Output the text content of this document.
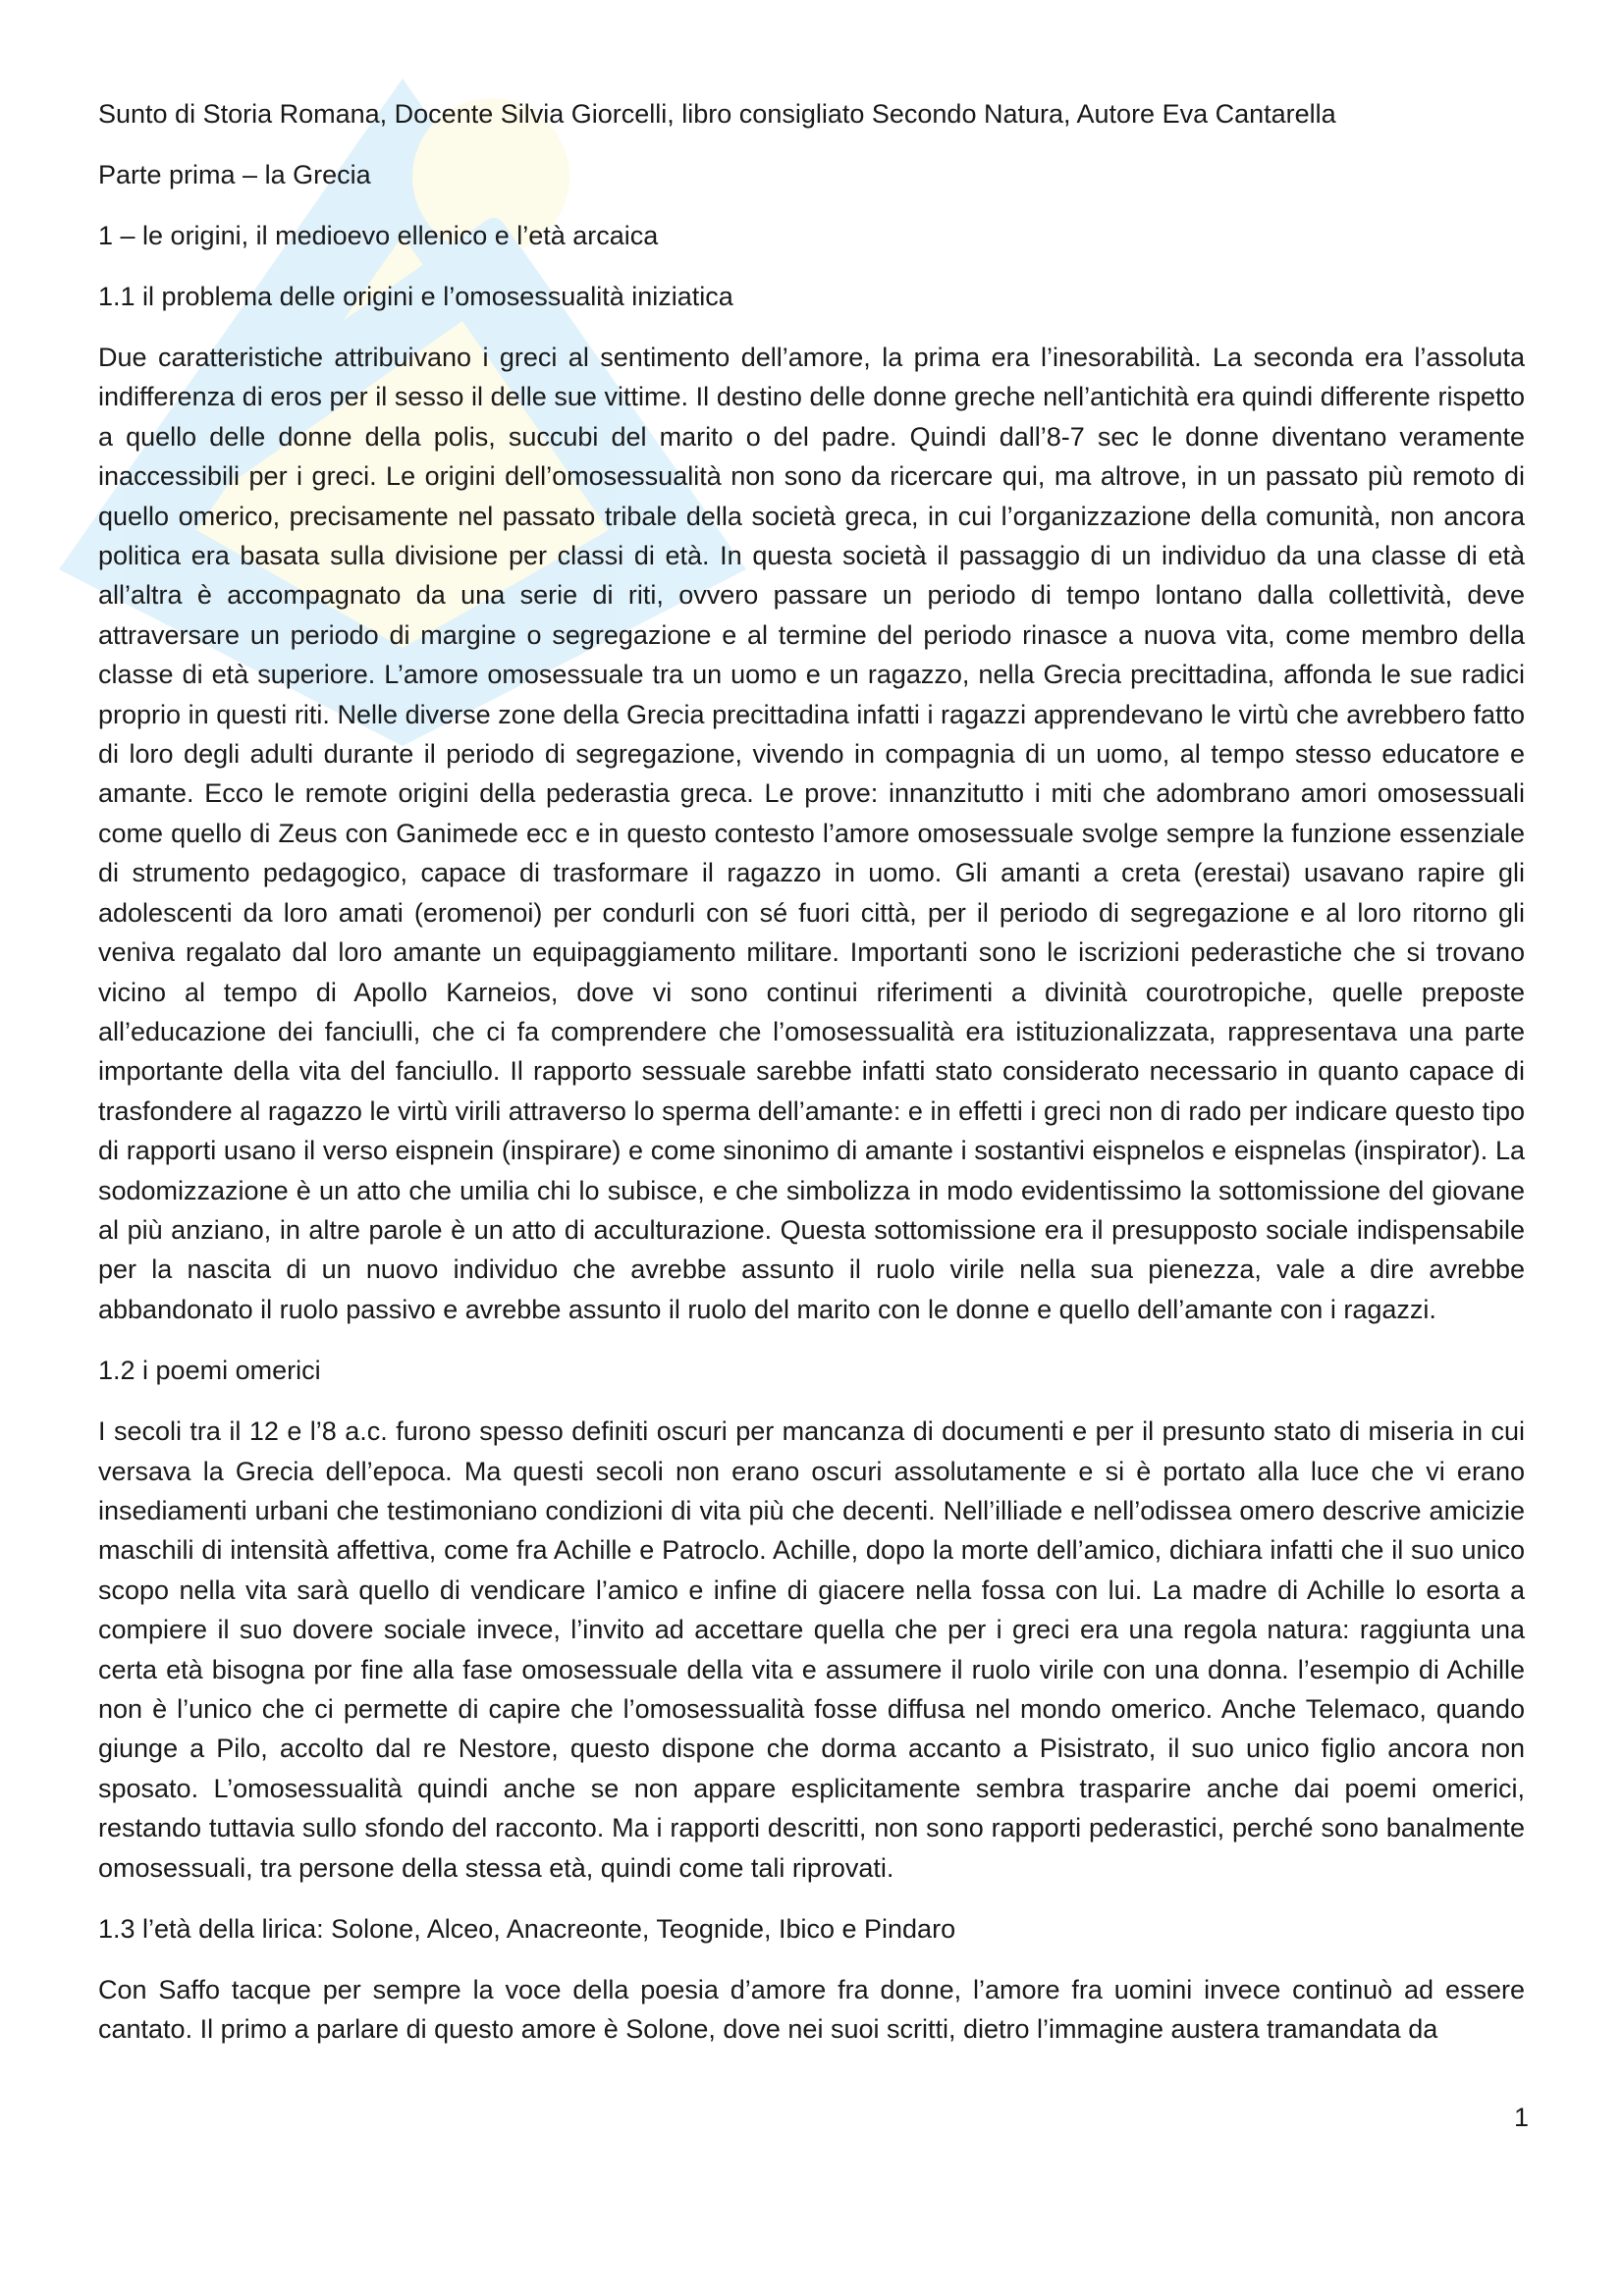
Sunto di Storia Romana, Docente Silvia Giorcelli, libro consigliato Secondo Natura, Autore Eva Cantarella
Parte prima – la Grecia
1 – le origini, il medioevo ellenico e l’età arcaica
1.1 il problema delle origini e l’omosessualità iniziatica

Due caratteristiche attribuivano i greci al sentimento dell’amore, la prima era l’inesorabilità. La seconda era l’assoluta indifferenza di eros per il sesso il delle sue vittime. Il destino delle donne greche nell’antichità era quindi differente rispetto a quello delle donne della polis, succubi del marito o del padre. Quindi dall’8-7 sec le donne diventano veramente inaccessibili per i greci. Le origini dell’omosessualità non sono da ricercare qui, ma altrove, in un passato più remoto di quello omerico, precisamente nel passato tribale della società greca, in cui l’organizzazione della comunità, non ancora politica era basata sulla divisione per classi di età. In questa società il passaggio di un individuo da una classe di età all’altra è accompagnato da una serie di riti, ovvero passare un periodo di tempo lontano dalla collettività, deve attraversare un periodo di margine o segregazione e al termine del periodo rinasce a nuova vita, come membro della classe di età superiore. L’amore omosessuale tra un uomo e un ragazzo, nella Grecia precittadina, affonda le sue radici proprio in questi riti. Nelle diverse zone della Grecia precittadina infatti i ragazzi apprendevano le virtù che avrebbero fatto di loro degli adulti durante il periodo di segregazione, vivendo in compagnia di un uomo, al tempo stesso educatore e amante. Ecco le remote origini della pederastia greca. Le prove: innanzitutto i miti che adombrano amori omosessuali come quello di Zeus con Ganimede ecc e in questo contesto l’amore omosessuale svolge sempre la funzione essenziale di strumento pedagogico, capace di trasformare il ragazzo in uomo. Gli amanti a creta (erestai) usavano rapire gli adolescenti da loro amati (eromenoi) per condurli con sé fuori città, per il periodo di segregazione e al loro ritorno gli veniva regalato dal loro amante un equipaggiamento militare. Importanti sono le iscrizioni pederastiche che si trovano vicino al tempo di Apollo Karneios, dove vi sono continui riferimenti a divinità courotropiche, quelle preposte all’educazione dei fanciulli, che ci fa comprendere che l’omosessualità era istituzionalizzata, rappresentava una parte importante della vita del fanciullo. Il rapporto sessuale sarebbe infatti stato considerato necessario in quanto capace di trasfondere al ragazzo le virtù virili attraverso lo sperma dell’amante: e in effetti i greci non di rado per indicare questo tipo di rapporti usano il verso eispnein (inspirare) e come sinonimo di amante i sostantivi eispnelos e eispnelas (inspirator). La sodomizzazione è un atto che umilia chi lo subisce, e che simbolizza in modo evidentissimo la sottomissione del giovane al più anziano, in altre parole è un atto di acculturazione. Questa sottomissione era il presupposto sociale indispensabile per la nascita di un nuovo individuo che avrebbe assunto il ruolo virile nella sua pienezza, vale a dire avrebbe abbandonato il ruolo passivo e avrebbe assunto il ruolo del marito con le donne e quello dell’amante con i ragazzi.

1.2 i poemi omerici

I secoli tra il 12 e l’8 a.c. furono spesso definiti oscuri per mancanza di documenti e per il presunto stato di miseria in cui versava la Grecia dell’epoca. Ma questi secoli non erano oscuri assolutamente e si è portato alla luce che vi erano insediamenti urbani che testimoniano condizioni di vita più che decenti. Nell’illiade e nell’odissea omero descrive amicizie maschili di intensità affettiva, come fra Achille e Patroclo. Achille, dopo la morte dell’amico, dichiara infatti che il suo unico scopo nella vita sarà quello di vendicare l’amico e infine di giacere nella fossa con lui. La madre di Achille lo esorta a compiere il suo dovere sociale invece, l’invito ad accettare quella che per i greci era una regola natura: raggiunta una certa età bisogna por fine alla fase omosessuale della vita e assumere il ruolo virile con una donna. l’esempio di Achille non è l’unico che ci permette di capire che l’omosessualità fosse diffusa nel mondo omerico. Anche Telemaco, quando giunge a Pilo, accolto dal re Nestore, questo dispone che dorma accanto a Pisistrato, il suo unico figlio ancora non sposato. L’omosessualità quindi anche se non appare esplicitamente sembra trasparire anche dai poemi omerici, restando tuttavia sullo sfondo del racconto. Ma i rapporti descritti, non sono rapporti pederastici, perché sono banalmente omosessuali, tra persone della stessa età, quindi come tali riprovati.

1.3 l’età della lirica: Solone, Alceo, Anacreonte, Teognide, Ibico e Pindaro

Con Saffo tacque per sempre la voce della poesia d’amore fra donne, l’amore fra uomini invece continuò ad essere cantato. Il primo a parlare di questo amore è Solone, dove nei suoi scritti, dietro l’immagine austera tramandata da

1
